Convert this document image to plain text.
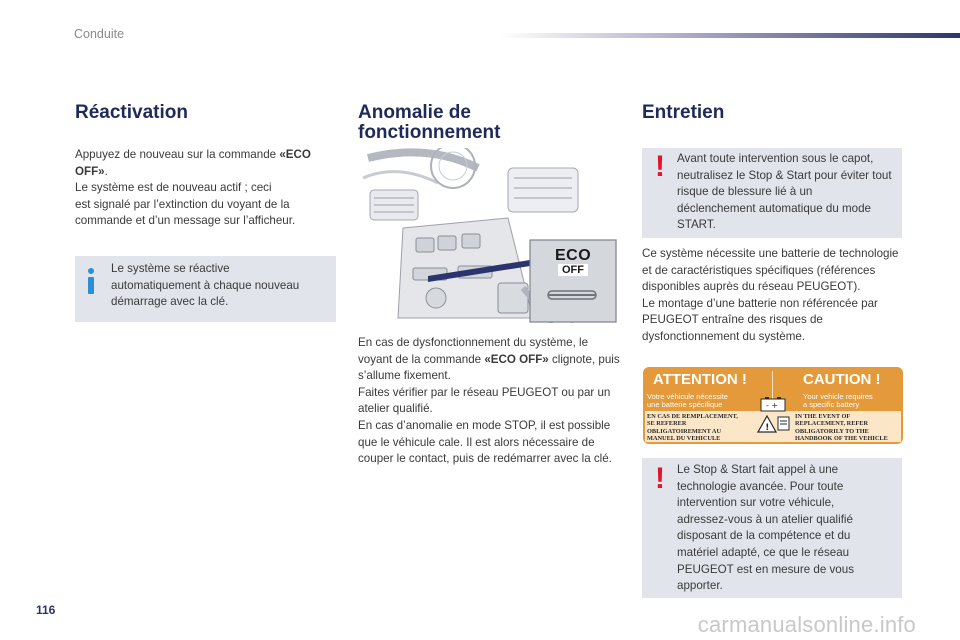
Conduite
Réactivation

Appuyez de nouveau sur la commande «ECO OFF».

Le système est de nouveau actif ; ceci

est signalé par l’extinction du voyant de la

commande et d’un message sur l’afficheur.

Le système se réactive automatiquement à chaque nouveau démarrage avec la clé.
Anomalie de
fonctionnement
ECO
OFF

En cas de dysfonctionnement du système, le voyant de la commande «ECO OFF» clignote, puis s’allume fixement.

Faites vérifier par le réseau PEUGEOT ou par un atelier qualifié.

En cas d’anomalie en mode STOP, il est possible que le véhicule cale. Il est alors nécessaire de couper le contact, puis de redémarrer avec la clé.

Entretien
! Avant toute intervention sous le capot, neutralisez le Stop & Start pour éviter tout risque de blessure lié à un déclenchement automatique du mode START.

Ce système nécessite une batterie de technologie et de caractéristiques spécifiques (références disponibles auprès du réseau PEUGEOT).

Le montage d’une batterie non référencée par PEUGEOT entraîne des risques de dysfonctionnement du système.

ATTENTION !	CAUTION !
Votre véhicule nécessite
une batterie spécifique
Your vehicle requires
a specific battery
- +
!
EN CAS DE REMPLACEMENT,
SE REFERER
OBLIGATOIREMENT AU
MANUEL DU VEHICULE
IN THE EVENT OF
REPLACEMENT, REFER
OBLIGATORILY TO THE
HANDBOOK OF THE VEHICLE
! Le Stop & Start fait appel à une technologie avancée. Pour toute intervention sur votre véhicule, adressez-vous à un atelier qualifié disposant de la compétence et du matériel adapté, ce que le réseau PEUGEOT est en mesure de vous apporter.
116
carmanualsonline.info
